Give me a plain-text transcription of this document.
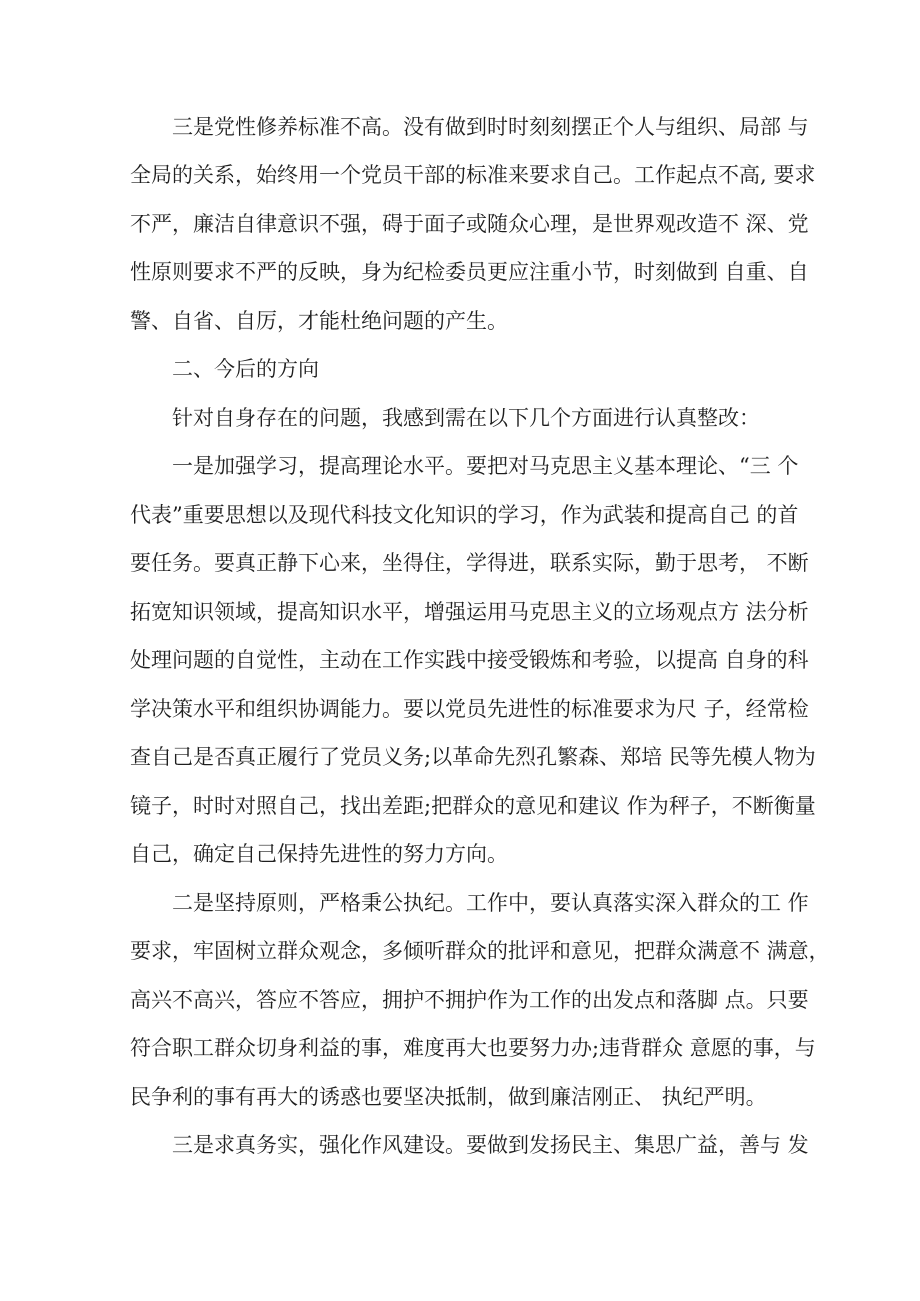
三是党性修养标准不高。没有做到时时刻刻摆正个人与组织、局部 与
全局的关系，始终用一个党员干部的标准来要求自己。工作起点不高, 要求
不严，廉洁自律意识不强，碍于面子或随众心理，是世界观改造不 深、党
性原则要求不严的反映，身为纪检委员更应注重小节，时刻做到 自重、自
警、自省、自厉，才能杜绝问题的产生。
二、今后的方向
针对自身存在的问题，我感到需在以下几个方面进行认真整改：
一是加强学习，提高理论水平。要把对马克思主义基本理论、“三 个
代表”重要思想以及现代科技文化知识的学习，作为武装和提高自己 的首
要任务。要真正静下心来，坐得住，学得进，联系实际，勤于思考， 不断
拓宽知识领域，提高知识水平，增强运用马克思主义的立场观点方 法分析
处理问题的自觉性，主动在工作实践中接受锻炼和考验，以提高 自身的科
学决策水平和组织协调能力。要以党员先进性的标准要求为尺 子，经常检
查自己是否真正履行了党员义务;以革命先烈孔繁森、郑培 民等先模人物为
镜子，时时对照自己，找出差距;把群众的意见和建议 作为秤子，不断衡量
自己，确定自己保持先进性的努力方向。
二是坚持原则，严格秉公执纪。工作中，要认真落实深入群众的工 作
要求，牢固树立群众观念，多倾听群众的批评和意见，把群众满意不 满意，
高兴不高兴，答应不答应，拥护不拥护作为工作的出发点和落脚 点。只要
符合职工群众切身利益的事，难度再大也要努力办;违背群众 意愿的事，与
民争利的事有再大的诱惑也要坚决抵制，做到廉洁刚正、 执纪严明。
三是求真务实，强化作风建设。要做到发扬民主、集思广益，善与 发
